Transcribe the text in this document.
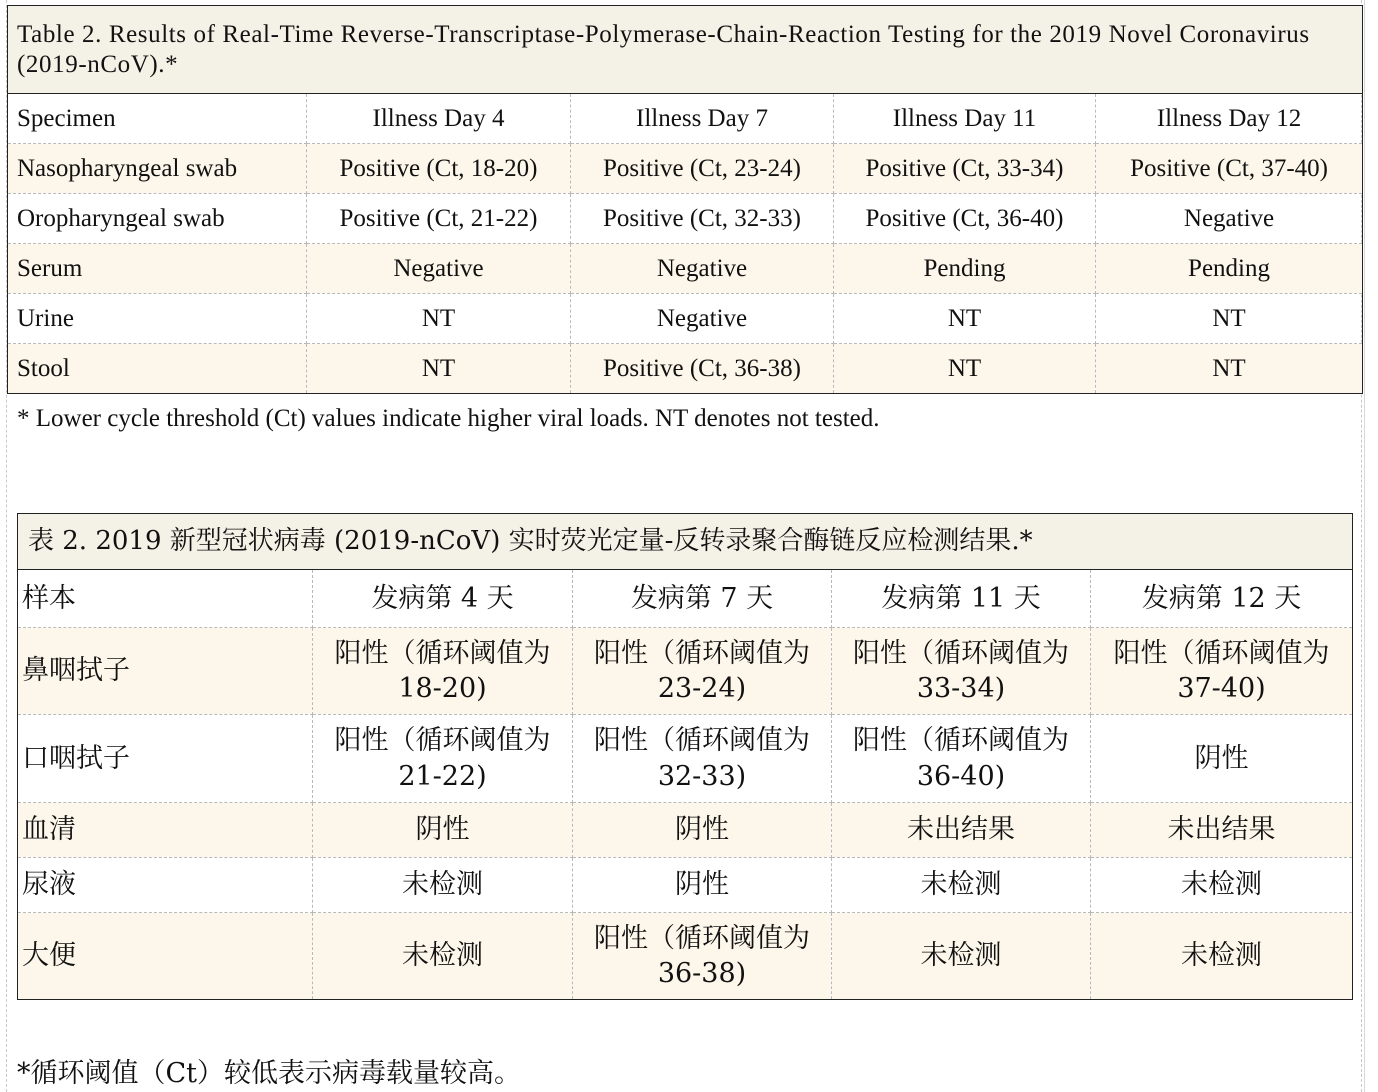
Table 2. Results of Real-Time Reverse-Transcriptase-Polymerase-Chain-Reaction Testing for the 2019 Novel Coronavirus (2019-nCoV).*				
Specimen	Illness Day 4	Illness Day 7	Illness Day 11	Illness Day 12
Nasopharyngeal swab	Positive (Ct, 18-20)	Positive (Ct, 23-24)	Positive (Ct, 33-34)	Positive (Ct, 37-40)
Oropharyngeal swab	Positive (Ct, 21-22)	Positive (Ct, 32-33)	Positive (Ct, 36-40)	Negative
Serum	Negative	Negative	Pending	Pending
Urine	NT	Negative	NT	NT
Stool	NT	Positive (Ct, 36-38)	NT	NT
* Lower cycle threshold (Ct) values indicate higher viral loads. NT denotes not tested.
表 2. 2019 新型冠状病毒 (2019-nCoV) 实时荧光定量-反转录聚合酶链反应检测结果.*				
样本	发病第 4 天	发病第 7 天	发病第 11 天	发病第 12 天
鼻咽拭子	阳性（循环阈值为 18-20)	阳性（循环阈值为 23-24)	阳性（循环阈值为 33-34)	阳性（循环阈值为 37-40)
口咽拭子	阳性（循环阈值为 21-22)	阳性（循环阈值为 32-33)	阳性（循环阈值为 36-40)	阴性
血清	阴性	阴性	未出结果	未出结果
尿液	未检测	阴性	未检测	未检测
大便	未检测	阳性（循环阈值为 36-38)	未检测	未检测
*循环阈值（Ct）较低表示病毒载量较高。
